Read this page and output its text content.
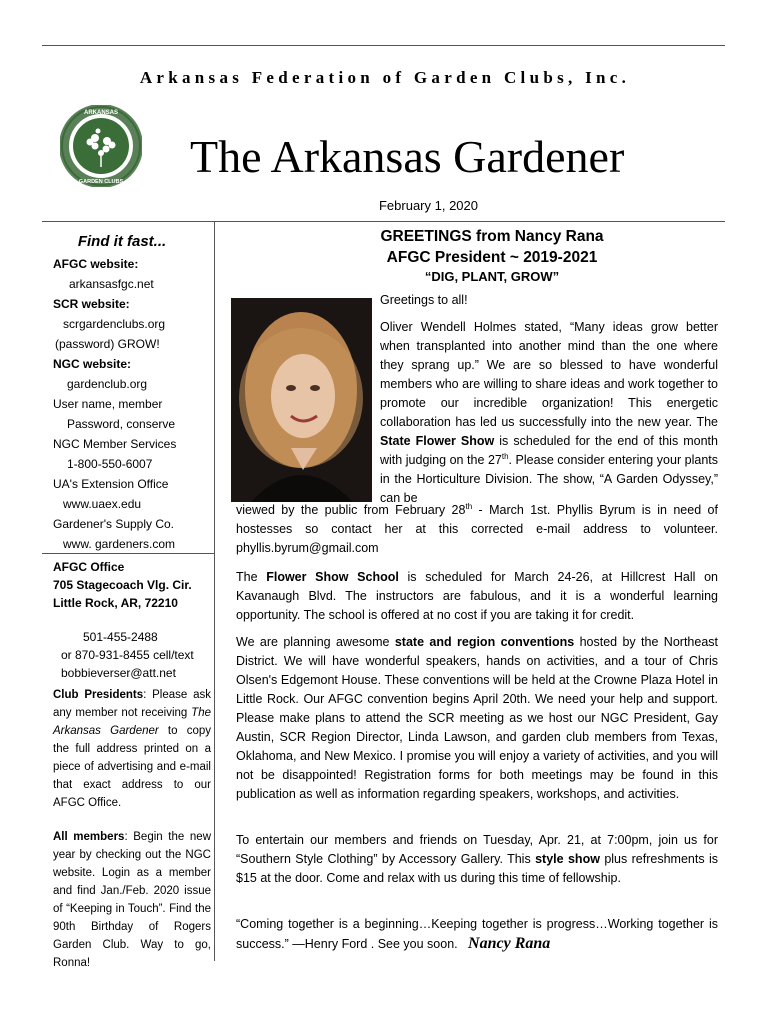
Arkansas Federation of Garden Clubs, Inc.
ARKANSAS
GARDEN CLUBS The Arkansas Gardener
February 1, 2020
Find it fast...
AFGC website:
arkansasfgc.net
SCR website:
scrgardenclubs.org
(password) GROW!
NGC website:
gardenclub.org
User name, member
Password, conserve
NGC Member Services
1-800-550-6007
UA's Extension Office
www.uaex.edu
Gardener's Supply Co.
www. gardeners.com
AFGC Office
705 Stagecoach Vlg. Cir.
Little Rock, AR, 72210
501-455-2488
or 870-931-8455 cell/text
bobbieverser@att.net
Club Presidents: Please ask any member not receiving The Arkansas Gardener to copy the full address printed on a piece of advertising and e-mail that exact address to our AFGC Office.
All members: Begin the new year by checking out the NGC website. Login as a member and find Jan./Feb. 2020 issue of “Keeping in Touch”. Find the 90th Birthday of Rogers Garden Club. Way to go, Ronna!
GREETINGS from Nancy Rana
AFGC President ~ 2019-2021
“DIG, PLANT, GROW”
Greetings to all!
Oliver Wendell Holmes stated, “Many ideas grow better when transplanted into another mind than the one where they sprang up.” We are so blessed to have wonderful members who are willing to share ideas and work together to promote our incredible organization! This energetic collaboration has led us successfully into the new year. The State Flower Show is scheduled for the end of this month with judging on the 27th. Please consider entering your plants in the Horticulture Division. The show, “A Garden Odyssey,” can be
viewed by the public from February 28th - March 1st. Phyllis Byrum is in need of hostesses so contact her at this corrected e-mail address to volunteer. phyllis.byrum@gmail.com
The Flower Show School is scheduled for March 24-26, at Hillcrest Hall on Kavanaugh Blvd. The instructors are fabulous, and it is a wonderful learning opportunity. The school is offered at no cost if you are taking it for credit.
We are planning awesome state and region conventions hosted by the Northeast District. We will have wonderful speakers, hands on activities, and a tour of Chris Olsen's Edgemont House. These conventions will be held at the Crowne Plaza Hotel in Little Rock. Our AFGC convention begins April 20th. We need your help and support. Please make plans to attend the SCR meeting as we host our NGC President, Gay Austin, SCR Region Director, Linda Lawson, and garden club members from Texas, Oklahoma, and New Mexico. I promise you will enjoy a variety of activities, and you will not be disappointed! Registration forms for both meetings may be found in this publication as well as information regarding speakers, workshops, and activities.
To entertain our members and friends on Tuesday, Apr. 21, at 7:00pm, join us for “Southern Style Clothing” by Accessory Gallery. This style show plus refreshments is $15 at the door. Come and relax with us during this time of fellowship.
“Coming together is a beginning…Keeping together is progress…Working together is success.” —Henry Ford . See you soon. Nancy Rana
